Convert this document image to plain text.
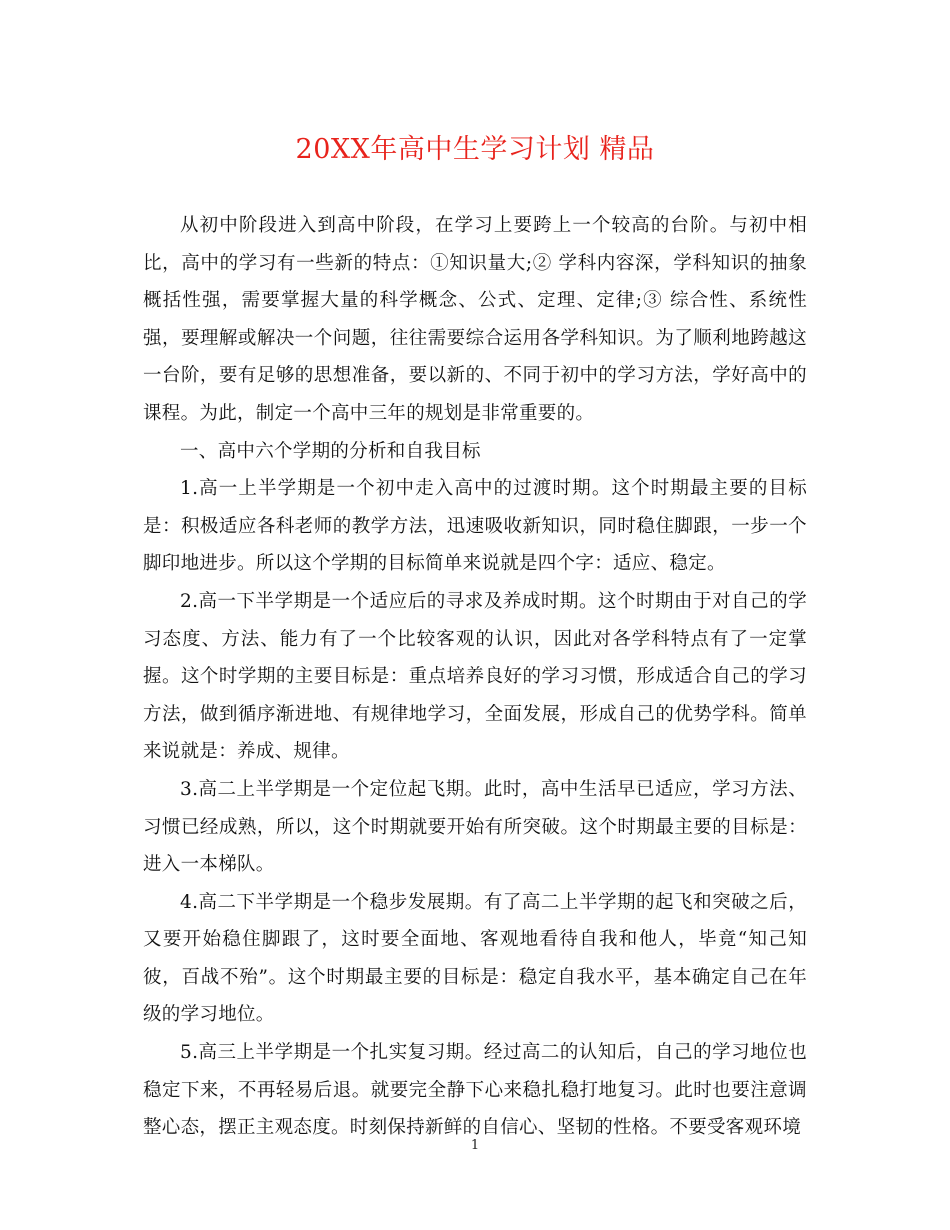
20XX年高中生学习计划 精品

从初中阶段进入到高中阶段，在学习上要跨上一个较高的台阶。与初中相比，高中的学习有一些新的特点：①知识量大;② 学科内容深，学科知识的抽象概括性强，需要掌握大量的科学概念、公式、定理、定律;③ 综合性、系统性强，要理解或解决一个问题，往往需要综合运用各学科知识。为了顺利地跨越这一台阶，要有足够的思想准备，要以新的、不同于初中的学习方法，学好高中的课程。为此，制定一个高中三年的规划是非常重要的。

一、高中六个学期的分析和自我目标

1.高一上半学期是一个初中走入高中的过渡时期。这个时期最主要的目标是：积极适应各科老师的教学方法，迅速吸收新知识，同时稳住脚跟，一步一个脚印地进步。所以这个学期的目标简单来说就是四个字：适应、稳定。

2.高一下半学期是一个适应后的寻求及养成时期。这个时期由于对自己的学习态度、方法、能力有了一个比较客观的认识，因此对各学科特点有了一定掌握。这个时学期的主要目标是：重点培养良好的学习习惯，形成适合自己的学习方法，做到循序渐进地、有规律地学习，全面发展，形成自己的优势学科。简单来说就是：养成、规律。

3.高二上半学期是一个定位起飞期。此时，高中生活早已适应，学习方法、习惯已经成熟，所以，这个时期就要开始有所突破。这个时期最主要的目标是：进入一本梯队。

4.高二下半学期是一个稳步发展期。有了高二上半学期的起飞和突破之后，又要开始稳住脚跟了，这时要全面地、客观地看待自我和他人，毕竟“知己知彼，百战不殆”。这个时期最主要的目标是：稳定自我水平，基本确定自己在年级的学习地位。

5.高三上半学期是一个扎实复习期。经过高二的认知后，自己的学习地位也稳定下来，不再轻易后退。就要完全静下心来稳扎稳打地复习。此时也要注意调整心态，摆正主观态度。时刻保持新鲜的自信心、坚韧的性格。不要受客观环境

1
